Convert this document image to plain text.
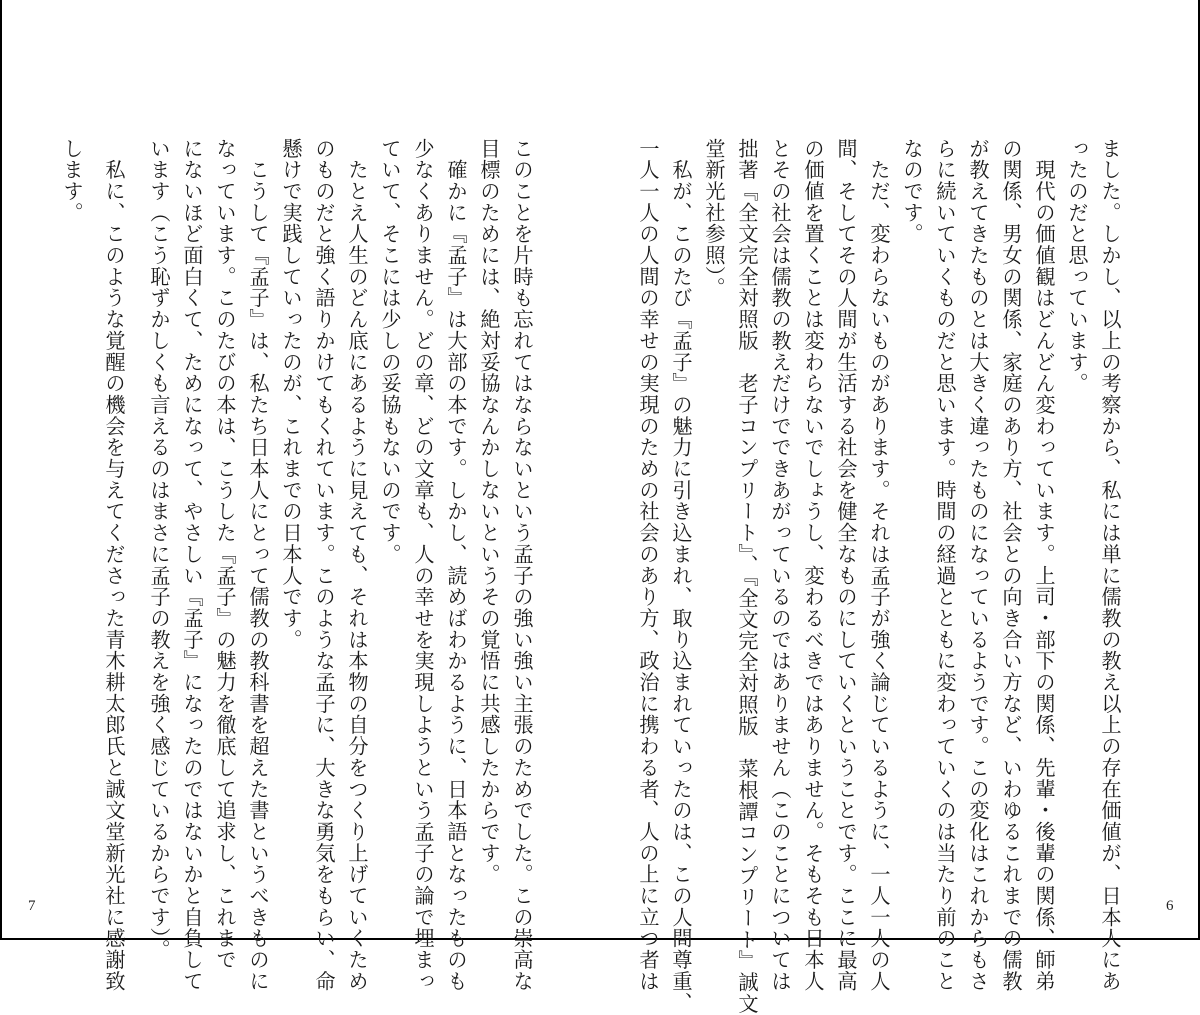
ました。しかし、以上の考察から、私には単に儒教の教え以上の存在価値が、日本人にあ
ったのだと思っています。
　現代の価値観はどんどん変わっています。上司・部下の関係、先輩・後輩の関係、師弟
の関係、男女の関係、家庭のあり方、社会との向き合い方など、いわゆるこれまでの儒教
が教えてきたものとは大きく違ったものになっているようです。この変化はこれからもさ
らに続いていくものだと思います。時間の経過とともに変わっていくのは当たり前のこと
なのです。
　ただ、変わらないものがあります。それは孟子が強く論じているように、一人一人の人
間、そしてその人間が生活する社会を健全なものにしていくということです。ここに最高
の価値を置くことは変わらないでしょうし、変わるべきではありません。そもそも日本人
とその社会は儒教の教えだけでできあがっているのではありません（このことについては
拙著『全文完全対照版　老子コンプリート』、『全文完全対照版　菜根譚コンプリート』誠文
堂新光社参照）。
　私が、このたび『孟子』の魅力に引き込まれ、取り込まれていったのは、この人間尊重、
一人一人の人間の幸せの実現のための社会のあり方、政治に携わる者、人の上に立つ者は
このことを片時も忘れてはならないという孟子の強い強い主張のためでした。この崇高な
目標のためには、絶対妥協なんかしないというその覚悟に共感したからです。
　確かに『孟子』は大部の本です。しかし、読めばわかるように、日本語となったものも
少なくありません。どの章、どの文章も、人の幸せを実現しようという孟子の論で埋まっ
ていて、そこには少しの妥協もないのです。
　たとえ人生のどん底にあるように見えても、それは本物の自分をつくり上げていくため
のものだと強く語りかけてもくれています。このような孟子に、大きな勇気をもらい、命
懸けで実践していったのが、これまでの日本人です。
　こうして『孟子』は、私たち日本人にとって儒教の教科書を超えた書というべきものに
なっています。このたびの本は、こうした『孟子』の魅力を徹底して追求し、これまで
にないほど面白くて、ためになって、やさしい『孟子』になったのではないかと自負して
います（こう恥ずかしくも言えるのはまさに孟子の教えを強く感じているからです）。
　私に、このような覚醒の機会を与えてくださった青木耕太郎氏と誠文堂新光社に感謝致
します。
7	6
